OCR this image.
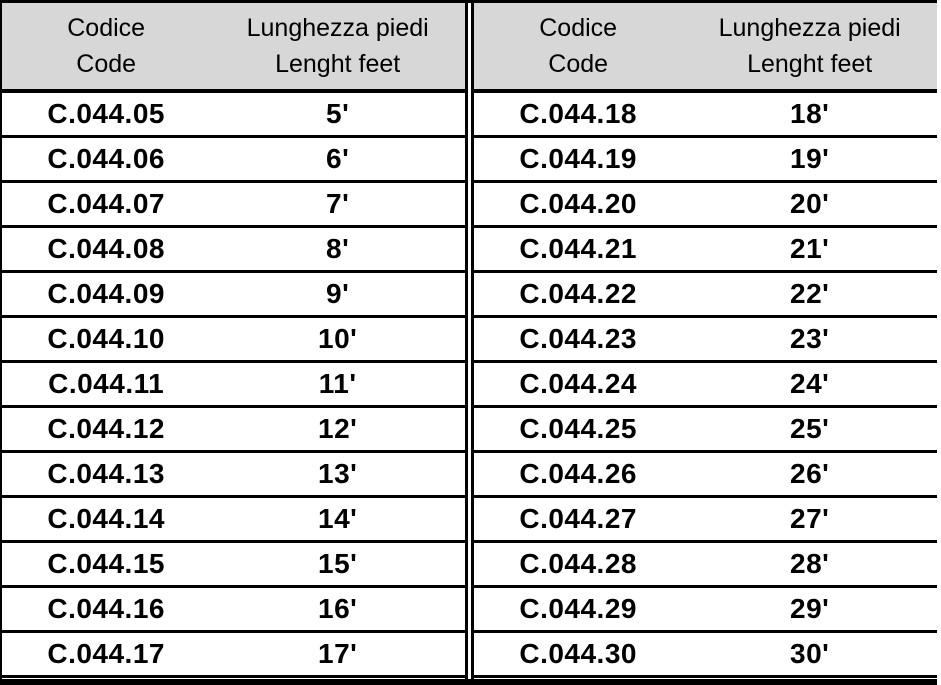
Codice
Code
Lunghezza piedi
Lenght feet
C.044.05	5'
C.044.06	6'
C.044.07	7'
C.044.08	8'
C.044.09	9'
C.044.10	10'
C.044.11	11'
C.044.12	12'
C.044.13	13'
C.044.14	14'
C.044.15	15'
C.044.16	16'
C.044.17	17'
Codice
Code
Lunghezza piedi
Lenght feet
C.044.18	18'
C.044.19	19'
C.044.20	20'
C.044.21	21'
C.044.22	22'
C.044.23	23'
C.044.24	24'
C.044.25	25'
C.044.26	26'
C.044.27	27'
C.044.28	28'
C.044.29	29'
C.044.30	30'
